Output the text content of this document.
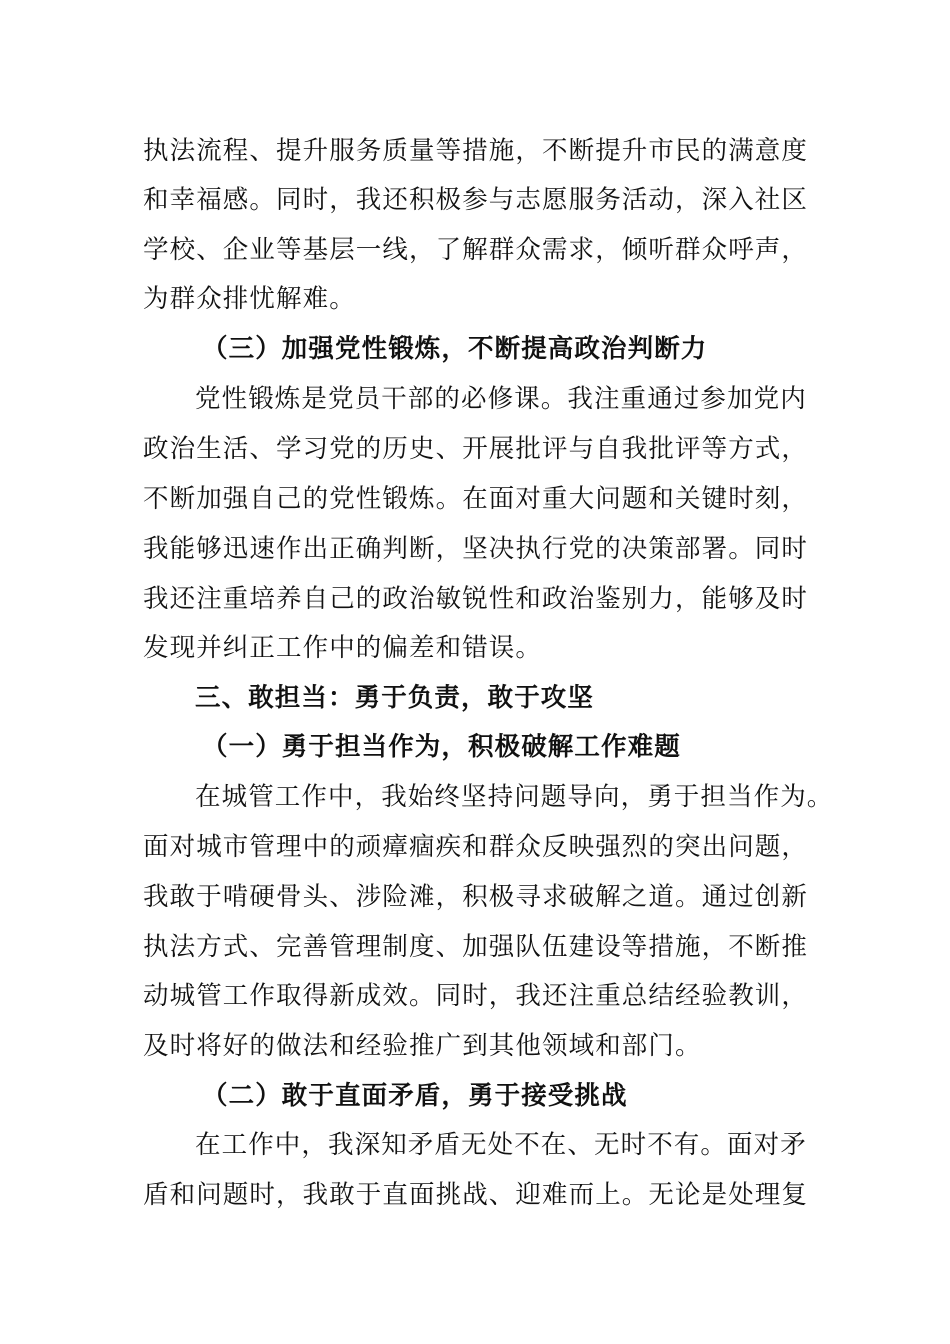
执法流程、提升服务质量等措施，不断提升市民的满意度
和幸福感。同时，我还积极参与志愿服务活动，深入社区
学校、企业等基层一线，了解群众需求，倾听群众呼声，
为群众排忧解难。
（三）加强党性锻炼，不断提高政治判断力
党性锻炼是党员干部的必修课。我注重通过参加党内
政治生活、学习党的历史、开展批评与自我批评等方式，
不断加强自己的党性锻炼。在面对重大问题和关键时刻，
我能够迅速作出正确判断，坚决执行党的决策部署。同时
我还注重培养自己的政治敏锐性和政治鉴别力，能够及时
发现并纠正工作中的偏差和错误。
三、敢担当：勇于负责，敢于攻坚
（一）勇于担当作为，积极破解工作难题
在城管工作中，我始终坚持问题导向，勇于担当作为。
面对城市管理中的顽瘴痼疾和群众反映强烈的突出问题，
我敢于啃硬骨头、涉险滩，积极寻求破解之道。通过创新
执法方式、完善管理制度、加强队伍建设等措施，不断推
动城管工作取得新成效。同时，我还注重总结经验教训，
及时将好的做法和经验推广到其他领域和部门。
（二）敢于直面矛盾，勇于接受挑战
在工作中，我深知矛盾无处不在、无时不有。面对矛
盾和问题时，我敢于直面挑战、迎难而上。无论是处理复
